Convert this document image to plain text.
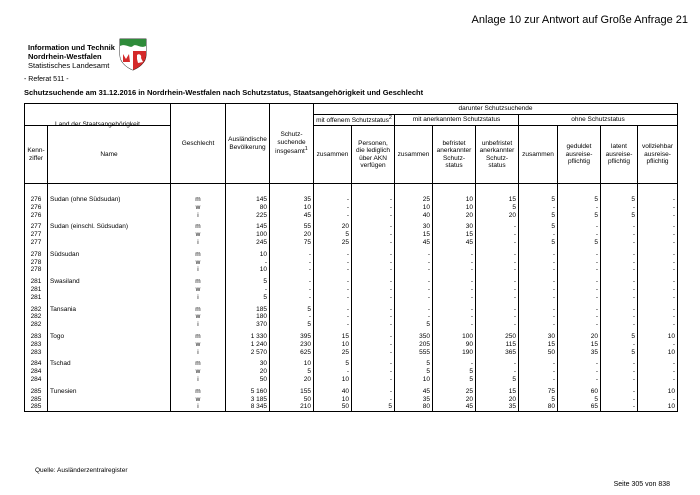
Anlage 10 zur Antwort auf Große Anfrage 21
Information und Technik
Nordrhein-Westfalen
Statistisches Landesamt
- Referat 511 -
Schutzsuchende am 31.12.2016 in Nordrhein-Westfalen nach Schutzstatus, Staatsangehörigkeit und Geschlecht
Land der Staatsangehörigkeit		Geschlecht	Ausländische Bevölkerung	Schutz-suchende insgesamt$^1$	darunter Schutzsuchende								
					mit offenem Schutzstatus$^2$		mit anerkanntem Schutzstatus			ohne Schutzstatus			
Kenn-ziffer	Name				zusammen	Personen, die lediglich über AKN verfügen	zusammen	befristet anerkannter Schutz-status	unbefristet anerkannter Schutz-status	zusammen	geduldet ausreise-pflichtig	latent ausreise-pflichtig	vollziehbar ausreise-pflichtig

276	Sudan (ohne Südsudan)	m	145	35	-	-	25	10	15	5	5	5	-
276		w	80	10	-	-	10	10	5	-	-	-	-
276		i	225	45	-	-	40	20	20	5	5	5	-

277	Sudan (einschl. Südsudan)	m	145	55	20	-	30	30	-	5	-	-	-
277		w	100	20	5	-	15	15	-	-	-	-	-
277		i	245	75	25	-	45	45	-	5	5	-	-

278	Südsudan	m	10	-	-	-	-	-	-	-	-	-	-
278		w	-	-	-	-	-	-	-	-	-	-	-
278		i	10	-	-	-	-	-	-	-	-	-	-

281	Swasiland	m	5	-	-	-	-	-	-	-	-	-	-
281		w	-	-	-	-	-	-	-	-	-	-	-
281		i	5	-	-	-	-	-	-	-	-	-	-

282	Tansania	m	185	5	-	-	-	-	-	-	-	-	-
282		w	180	-	-	-	-	-	-	-	-	-	-
282		i	370	5	-	-	5	-	-	-	-	-	-

283	Togo	m	1 330	395	15	-	350	100	250	30	20	5	10
283		w	1 240	230	10	-	205	90	115	15	15	-	-
283		i	2 570	625	25	-	555	190	365	50	35	5	10

284	Tschad	m	30	10	5	-	5	-	-	-	-	-	-
284		w	20	5	-	-	5	5	-	-	-	-	-
284		i	50	20	10	-	10	5	5	-	-	-	-

285	Tunesien	m	5 160	155	40	-	45	25	15	75	60	-	10
285		w	3 185	50	10	-	35	20	20	5	5	-	-
285		i	8 345	210	50	5	80	45	35	80	65	-	10
Quelle: Ausländerzentralregister
Seite 305 von 838
